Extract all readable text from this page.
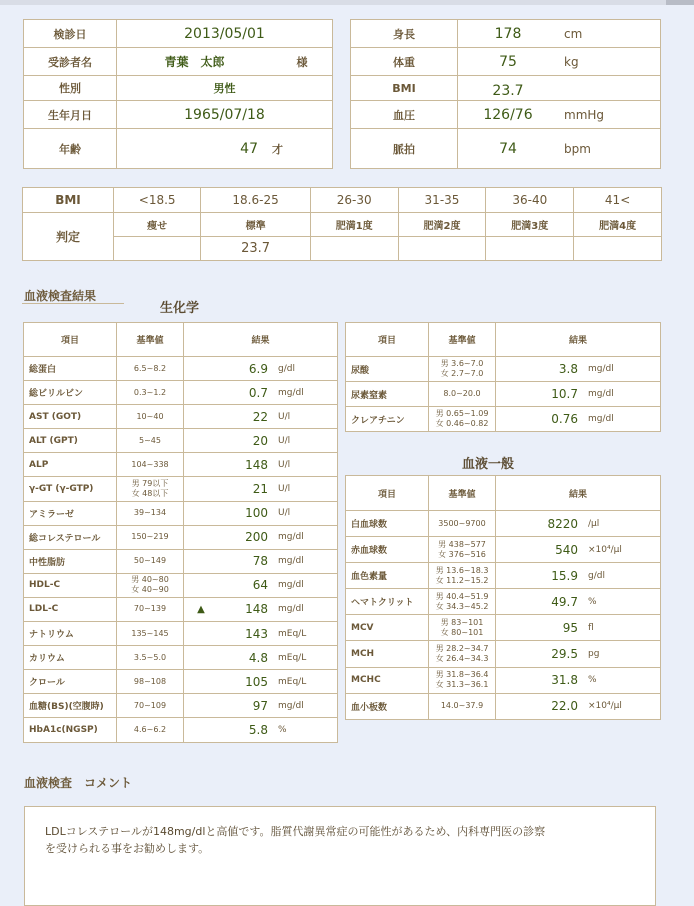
検診日	2013/05/01	
受診者名	青葉　太郎	様
性別	男性	
生年月日	1965/07/18	
年齢	47	才
身長	178	cm
体重	75	kg
BMI	23.7	
血圧	126/76	mmHg
脈拍	74	bpm
BMI	<18.5	18.6-25	26-30	31-35	36-40	41<
判定	痩せ	標準	肥満1度	肥満2度	肥満3度	肥満4度
		23.7				
血液検査結果
生化学
項目	基準値	結果		
総蛋白	6.5~8.2		6.9	g/dl
総ビリルビン	0.3~1.2		0.7	mg/dl
AST (GOT)	10~40		22	U/l
ALT (GPT)	5~45		20	U/l
ALP	104~338		148	U/l
γ-GT (γ-GTP)	男 79以下
女 48以下		21	U/l
アミラーゼ	39~134		100	U/l
総コレステロール	150~219		200	mg/dl
中性脂肪	50~149		78	mg/dl
HDL-C	男 40~80
女 40~90		64	mg/dl
LDL-C	70~139	▲	148	mg/dl
ナトリウム	135~145		143	mEq/L
カリウム	3.5~5.0		4.8	mEq/L
クロール	98~108		105	mEq/L
血糖(BS)(空腹時)	70~109		97	mg/dl
HbA1c(NGSP)	4.6~6.2		5.8	%
項目	基準値	結果	
尿酸	男 3.6~7.0
女 2.7~7.0	3.8	mg/dl
尿素窒素	8.0~20.0	10.7	mg/dl
クレアチニン	男 0.65~1.09
女 0.46~0.82	0.76	mg/dl
血液一般
項目	基準値	結果	
白血球数	3500~9700	8220	/μl
赤血球数	男 438~577
女 376~516	540	×10⁴/μl
血色素量	男 13.6~18.3
女 11.2~15.2	15.9	g/dl
ヘマトクリット	男 40.4~51.9
女 34.3~45.2	49.7	%
MCV	男 83~101
女 80~101	95	fl
MCH	男 28.2~34.7
女 26.4~34.3	29.5	pg
MCHC	男 31.8~36.4
女 31.3~36.1	31.8	%
血小板数	14.0~37.9	22.0	×10⁴/μl
血液検査　コメント
LDLコレステロールが148mg/dlと高値です。脂質代謝異常症の可能性があるため、内科専門医の診察
を受けられる事をお勧めします。
